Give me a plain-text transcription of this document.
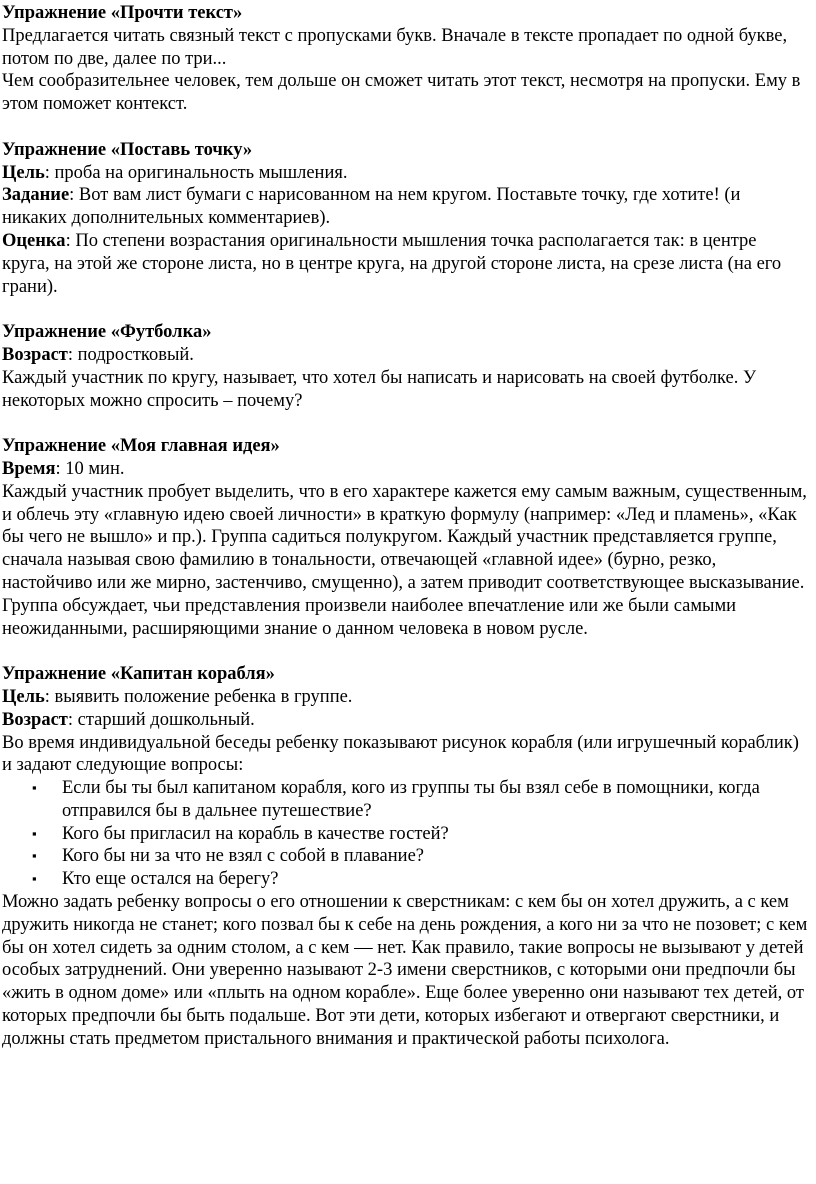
Упражнение «Прочти текст»

Предлагается читать связный текст с пропусками букв. Вначале в тексте пропадает по одной букве, потом по две, далее по три...

Чем сообразительнее человек, тем дольше он сможет читать этот текст, несмотря на пропуски. Ему в этом поможет контекст.

Упражнение «Поставь точку»

Цель: проба на оригинальность мышления.

Задание: Вот вам лист бумаги с нарисованном на нем кругом. Поставьте точку, где хотите! (и никаких дополнительных комментариев).

Оценка: По степени возрастания оригинальности мышления точка располагается так: в центре круга, на этой же стороне листа, но в центре круга, на другой стороне листа, на срезе листа (на его грани).

Упражнение «Футболка»

Возраст: подростковый.

Каждый участник по кругу, называет, что хотел бы написать и нарисовать на своей футболке. У некоторых можно спросить – почему?

Упражнение «Моя главная идея»

Время: 10 мин.

Каждый участник пробует выделить, что в его характере кажется ему самым важным, существенным, и облечь эту «главную идею своей личности» в краткую формулу (например: «Лед и пламень», «Как бы чего не вышло» и пр.). Группа садиться полукругом. Каждый участник представляется группе, сначала называя свою фамилию в тональности, отвечающей «главной идее» (бурно, резко, настойчиво или же мирно, застенчиво, смущенно), а затем приводит соответствующее высказывание. Группа обсуждает, чьи представления произвели наиболее впечатление или же были самыми неожиданными, расширяющими знание о данном человека в новом русле.

Упражнение «Капитан корабля»

Цель: выявить положение ребенка в группе.

Возраст: старший дошкольный.

Во время индивидуальной беседы ребенку показывают рисунок корабля (или игрушечный кораблик) и задают следующие вопросы:

▪ Если бы ты был капитаном корабля, кого из группы ты бы взял себе в помощники, когда отправился бы в дальнее путешествие?
▪ Кого бы пригласил на корабль в качестве гостей?
▪ Кого бы ни за что не взял с собой в плавание?
▪ Кто еще остался на берегу?

Можно задать ребенку вопросы о его отношении к сверстникам: с кем бы он хотел дружить, а с кем дружить никогда не станет; кого позвал бы к себе на день рождения, а кого ни за что не позовет; с кем бы он хотел сидеть за одним столом, а с кем — нет. Как правило, такие вопросы не вызывают у детей особых затруднений. Они уверенно называют 2-3 имени сверстников, с которыми они предпочли бы «жить в одном доме» или «плыть на одном корабле». Еще более уверенно они называют тех детей, от которых предпочли бы быть подальше. Вот эти дети, которых избегают и отвергают сверстники, и должны стать предметом пристального внимания и практической работы психолога.
